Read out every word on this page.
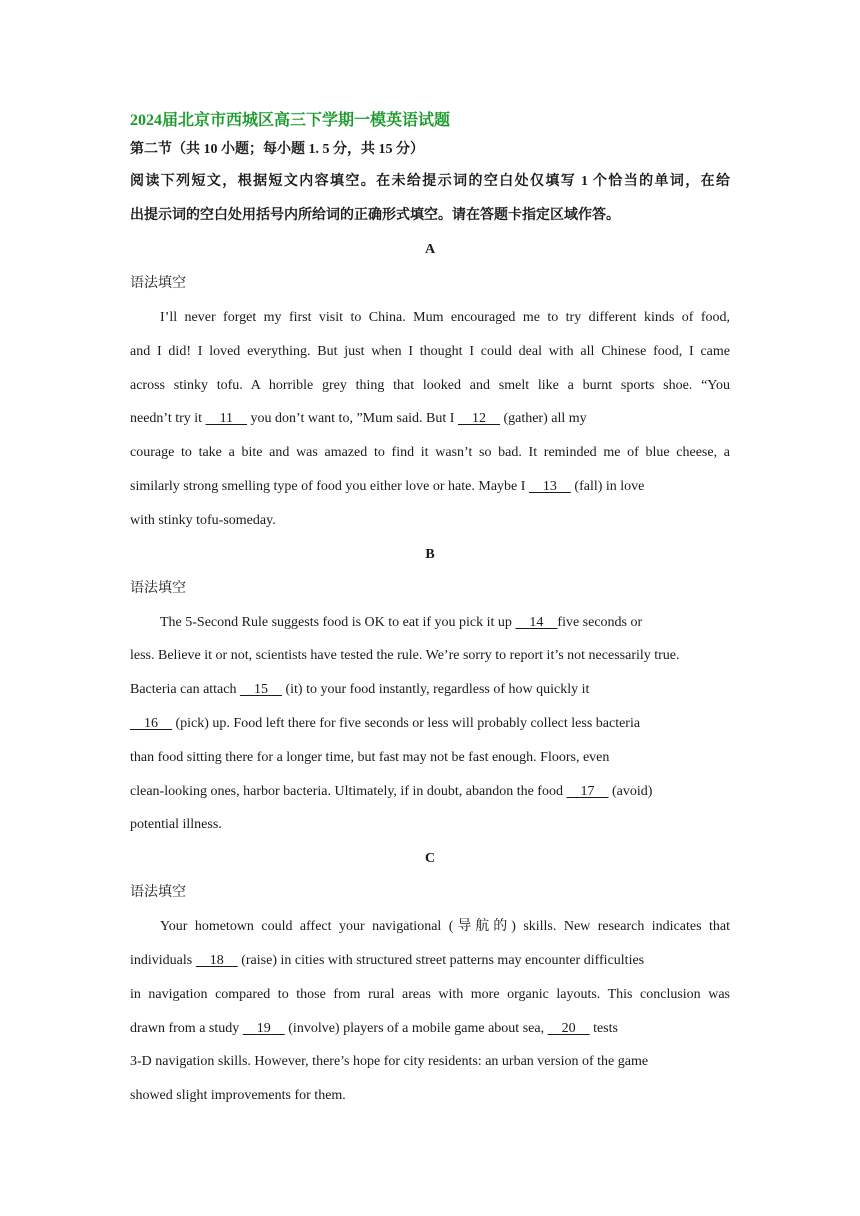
2024届北京市西城区高三下学期一模英语试题
第二节（共 10 小题；每小题 1. 5 分，共 15 分）
阅读下列短文，根据短文内容填空。在未给提示词的空白处仅填写 1 个恰当的单词，在给
出提示词的空白处用括号内所给词的正确形式填空。请在答题卡指定区域作答。
A
语法填空
I’ll never forget my first visit to China. Mum encouraged me to try different kinds of food,
and I did! I loved everything. But just when I thought I could deal with all Chinese food, I came
across stinky tofu. A horrible grey thing that looked and smelt like a burnt sports shoe. “You
needn’t try it 11 you don’t want to, ”Mum said. But I 12 (gather) all my
courage to take a bite and was amazed to find it wasn’t so bad. It reminded me of blue cheese, a
similarly strong smelling type of food you either love or hate. Maybe I 13 (fall) in love
with stinky tofu-someday.
B
语法填空
The 5-Second Rule suggests food is OK to eat if you pick it up 14 five seconds or
less. Believe it or not, scientists have tested the rule. We’re sorry to report it’s not necessarily true.
Bacteria can attach 15 (it) to your food instantly, regardless of how quickly it
16 (pick) up. Food left there for five seconds or less will probably collect less bacteria
than food sitting there for a longer time, but fast may not be fast enough. Floors, even
clean-looking ones, harbor bacteria. Ultimately, if in doubt, abandon the food 17 (avoid)
potential illness.
C
语法填空
Your hometown could affect your navigational (导航的) skills. New research indicates that
individuals 18 (raise) in cities with structured street patterns may encounter difficulties
in navigation compared to those from rural areas with more organic layouts. This conclusion was
drawn from a study 19 (involve) players of a mobile game about sea, 20 tests
3-D navigation skills. However, there’s hope for city residents: an urban version of the game
showed slight improvements for them.
